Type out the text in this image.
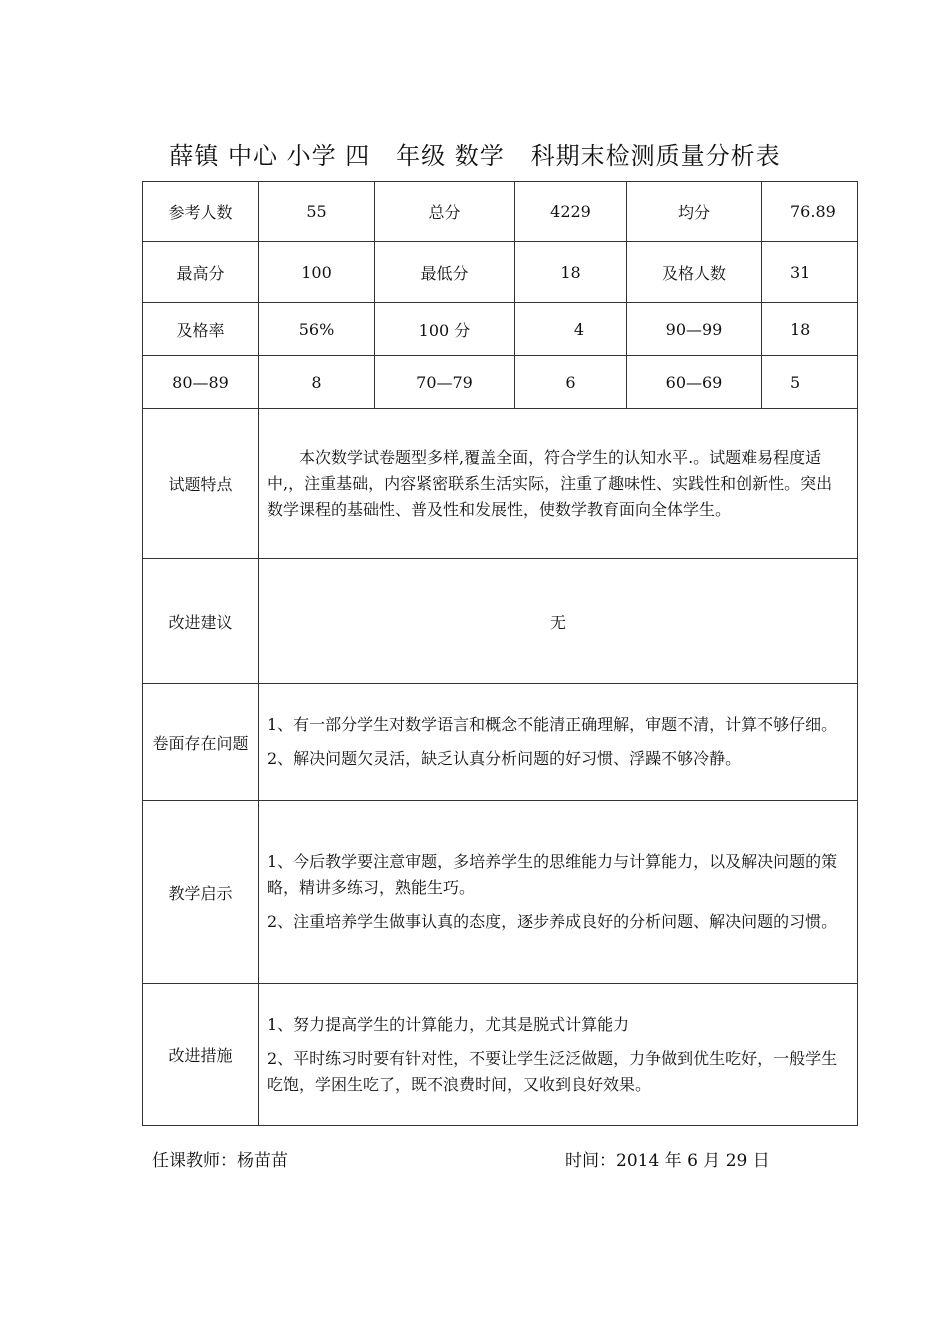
薛镇 中心 小学 四   年级 数学   科期末检测质量分析表
参考人数	55	总分	4229	均分	76.89
最高分	100	最低分	18	及格人数	31
及格率	56%	100 分	4	90—99	18
80—89	8	70—79	6	60—69	5
试题特点	本次数学试卷题型多样,覆盖全面，符合学生的认知水平.。试题难易程度适中,，注重基础，内容紧密联系生活实际，注重了趣味性、实践性和创新性。突出数学课程的基础性、普及性和发展性，使数学教育面向全体学生。				

改进建议	无				
卷面存在问题	1、有一部分学生对数学语言和概念不能清正确理解，审题不清，计算不够仔细。

2、解决问题欠灵活，缺乏认真分析问题的好习惯、浮躁不够冷静。				

教学启示	1、今后教学要注意审题，多培养学生的思维能力与计算能力，以及解决问题的策略，精讲多练习，熟能生巧。

2、注重培养学生做事认真的态度，逐步养成良好的分析问题、解决问题的习惯。				

改进措施	1、努力提高学生的计算能力，尤其是脱式计算能力

2、平时练习时要有针对性，不要让学生泛泛做题，力争做到优生吃好，一般学生吃饱，学困生吃了，既不浪费时间，又收到良好效果。				

任课教师：杨苗苗	时间：2014 年 6 月 29 日
